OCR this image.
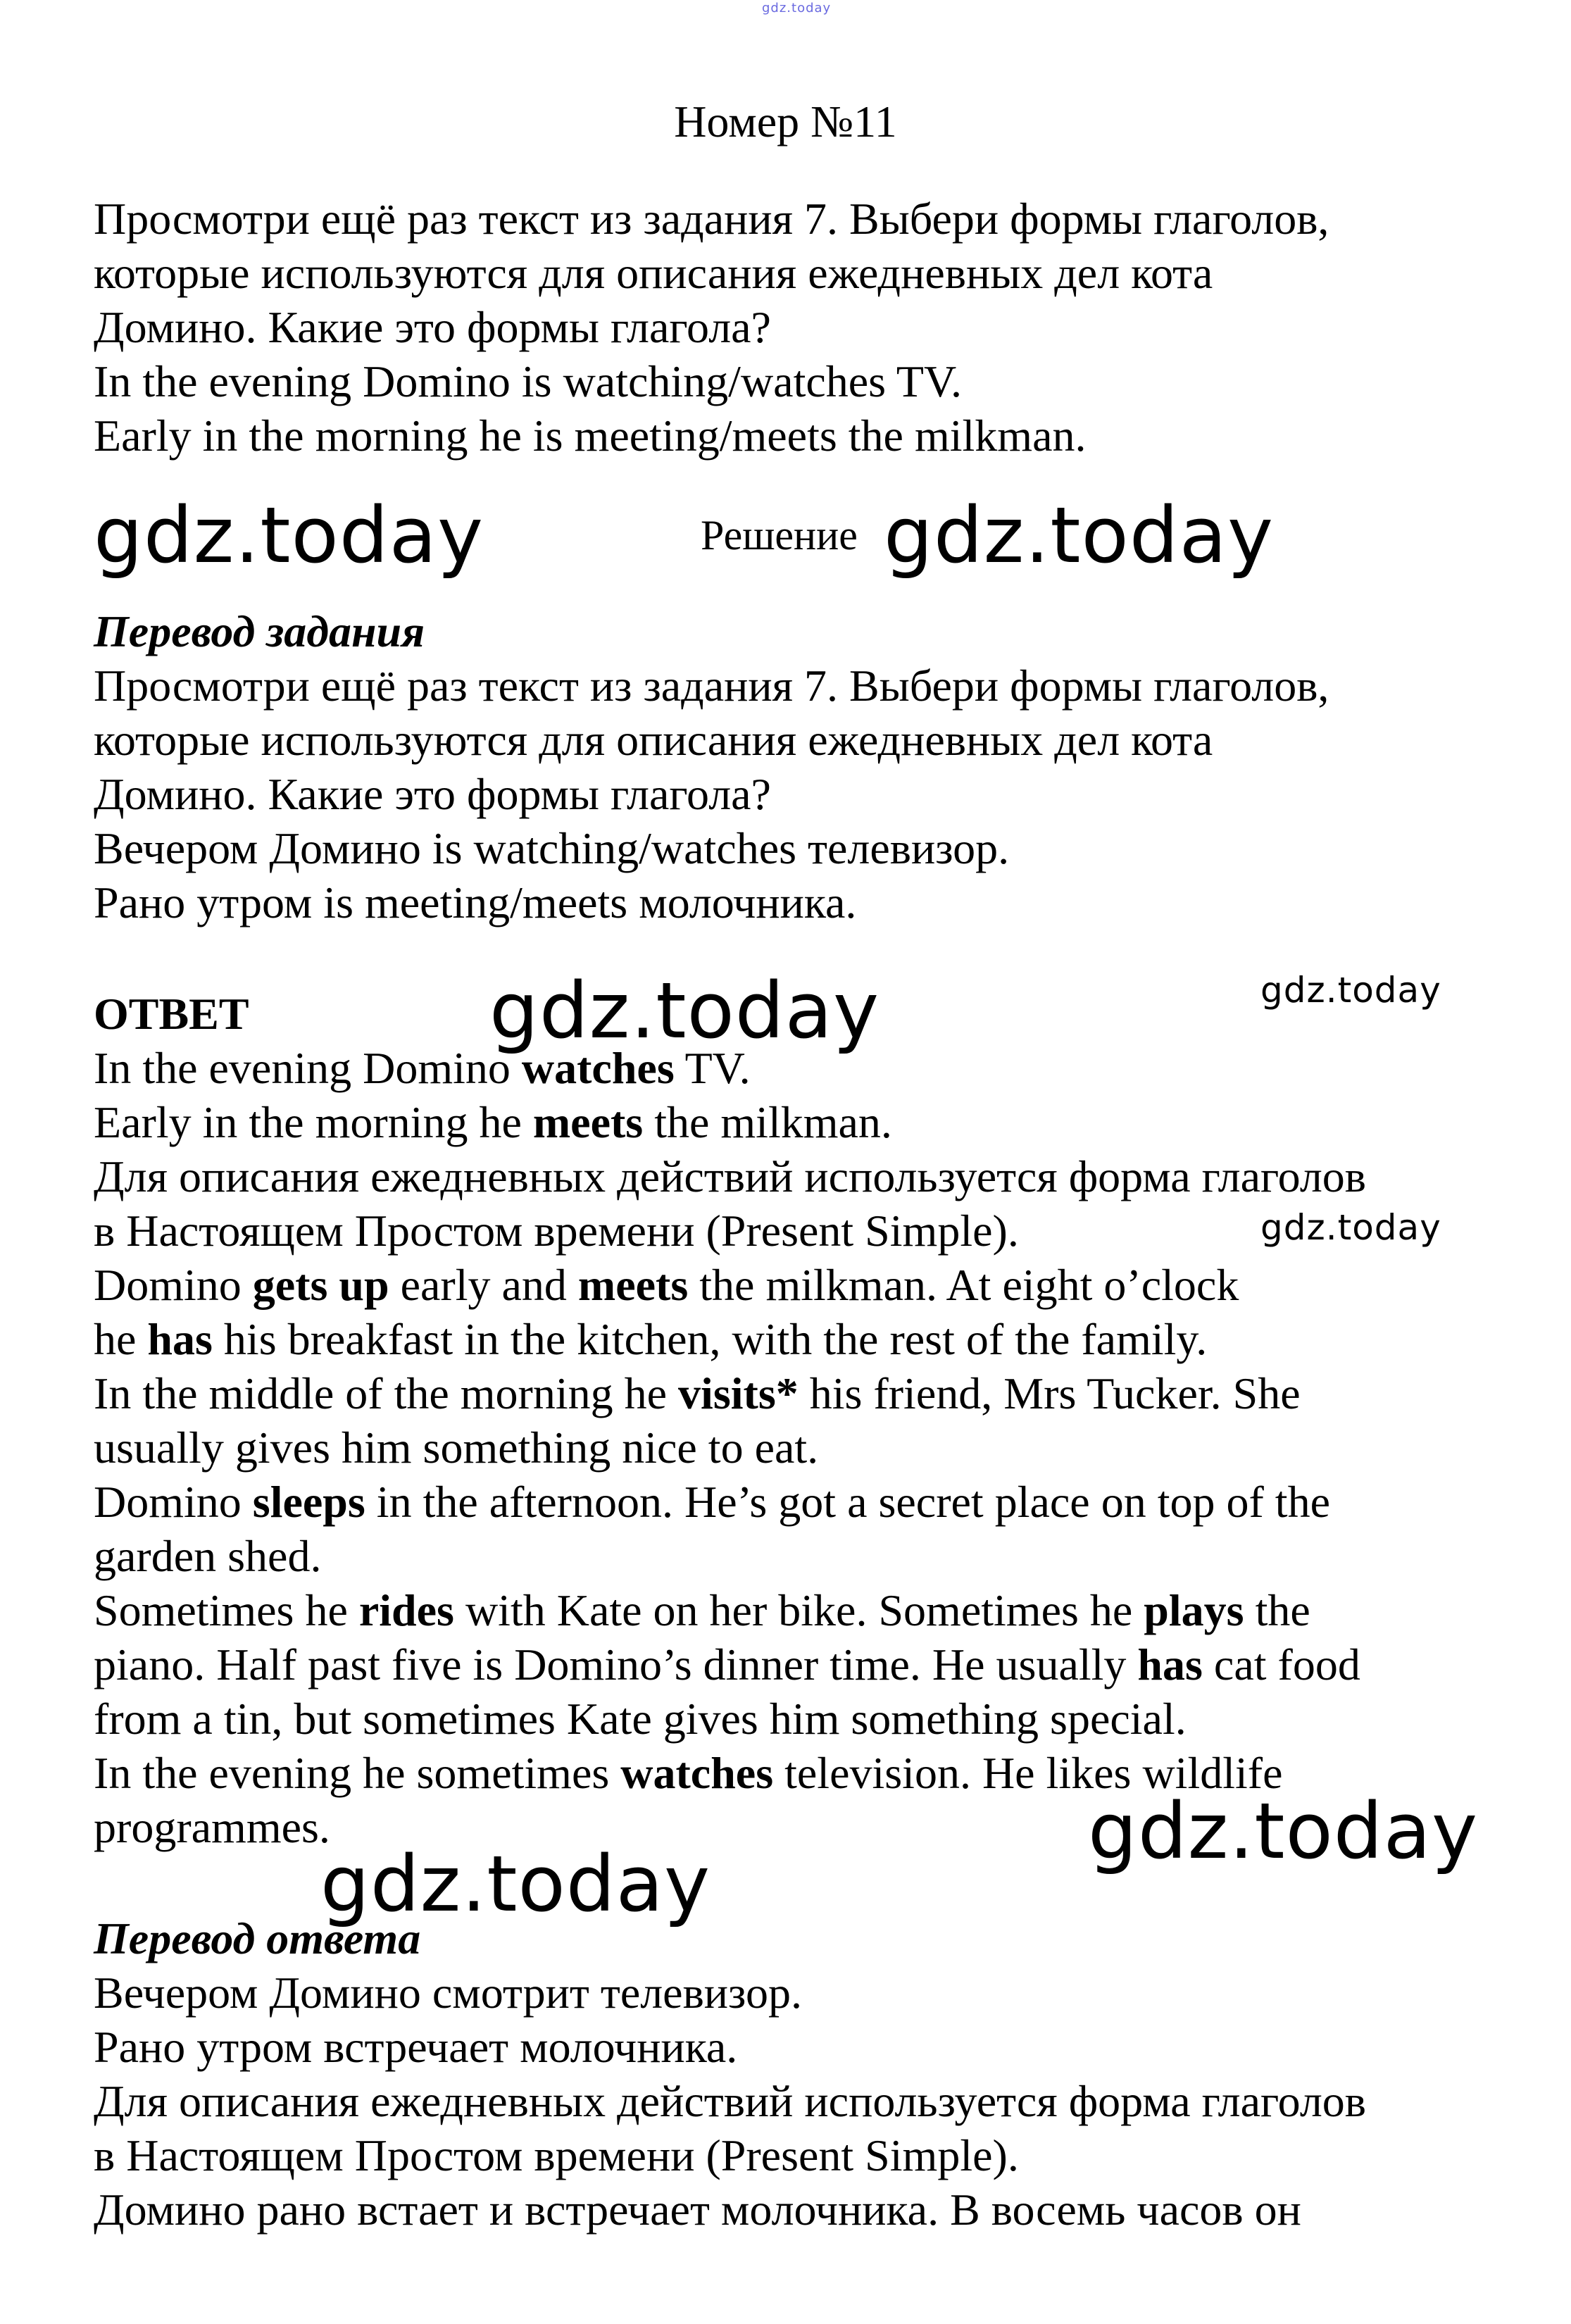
gdz.today

Номер №11

Просмотри ещё раз текст из задания 7. Выбери формы глаголов,

которые используются для описания ежедневных дел кота

Домино. Какие это формы глагола?

In the evening Domino is watching/watches TV.

Early in the morning he is meeting/meets the milkman.

gdz.today	Решение gdz.today

Перевод задания

Просмотри ещё раз текст из задания 7. Выбери формы глаголов,

которые используются для описания ежедневных дел кота

Домино. Какие это формы глагола?

Вечером Домино is watching/watches телевизор.

Рано утром is meeting/meets молочника.

ОТВЕТ	gdz.today	gdz.today

In the evening Domino watches TV.

Early in the morning he meets the milkman.

Для описания ежедневных действий используется форма глаголов

в Настоящем Простом времени (Present Simple).	gdz.today

Domino gets up early and meets the milkman. At eight o’clock

he has his breakfast in the kitchen, with the rest of the family.

In the middle of the morning he visits* his friend, Mrs Tucker. She

usually gives him something nice to eat.

Domino sleeps in the afternoon. He’s got a secret place on top of the

garden shed.

Sometimes he rides with Kate on her bike. Sometimes he plays the

piano. Half past five is Domino’s dinner time. He usually has cat food

from a tin, but sometimes Kate gives him something special.

In the evening he sometimes watches television. He likes wildlife

programmes.	gdz.today
gdz.today

Перевод ответа

Вечером Домино смотрит телевизор.

Рано утром встречает молочника.

Для описания ежедневных действий используется форма глаголов

в Настоящем Простом времени (Present Simple).

Домино рано встает и встречает молочника. В восемь часов он
